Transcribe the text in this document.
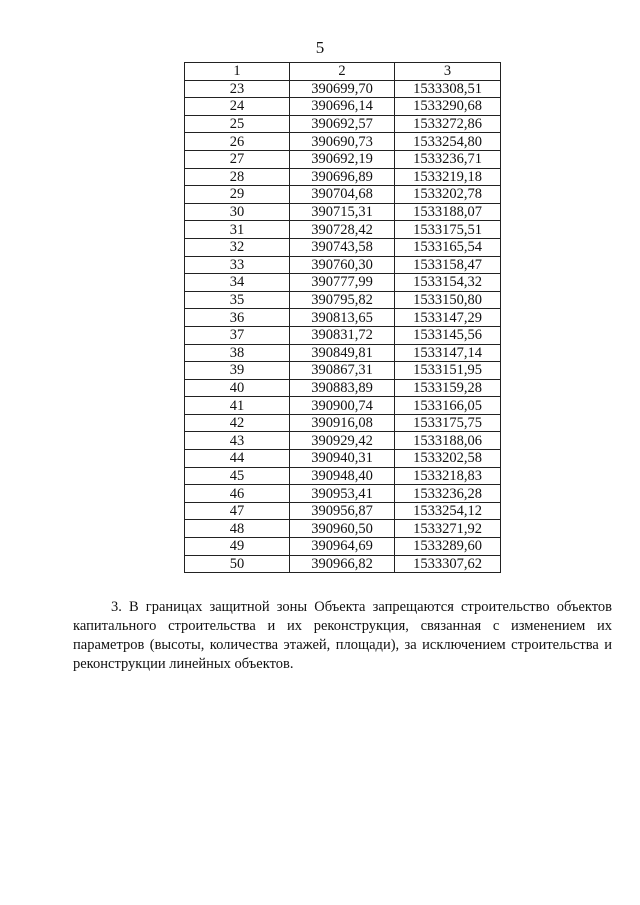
5
1	2	3
23	390699,70	1533308,51
24	390696,14	1533290,68
25	390692,57	1533272,86
26	390690,73	1533254,80
27	390692,19	1533236,71
28	390696,89	1533219,18
29	390704,68	1533202,78
30	390715,31	1533188,07
31	390728,42	1533175,51
32	390743,58	1533165,54
33	390760,30	1533158,47
34	390777,99	1533154,32
35	390795,82	1533150,80
36	390813,65	1533147,29
37	390831,72	1533145,56
38	390849,81	1533147,14
39	390867,31	1533151,95
40	390883,89	1533159,28
41	390900,74	1533166,05
42	390916,08	1533175,75
43	390929,42	1533188,06
44	390940,31	1533202,58
45	390948,40	1533218,83
46	390953,41	1533236,28
47	390956,87	1533254,12
48	390960,50	1533271,92
49	390964,69	1533289,60
50	390966,82	1533307,62

3. В границах защитной зоны Объекта запрещаются строительство объектов капитального строительства и их реконструкция, связанная с изменением их параметров (высоты, количества этажей, площади), за исключением строительства и реконструкции линейных объектов.
